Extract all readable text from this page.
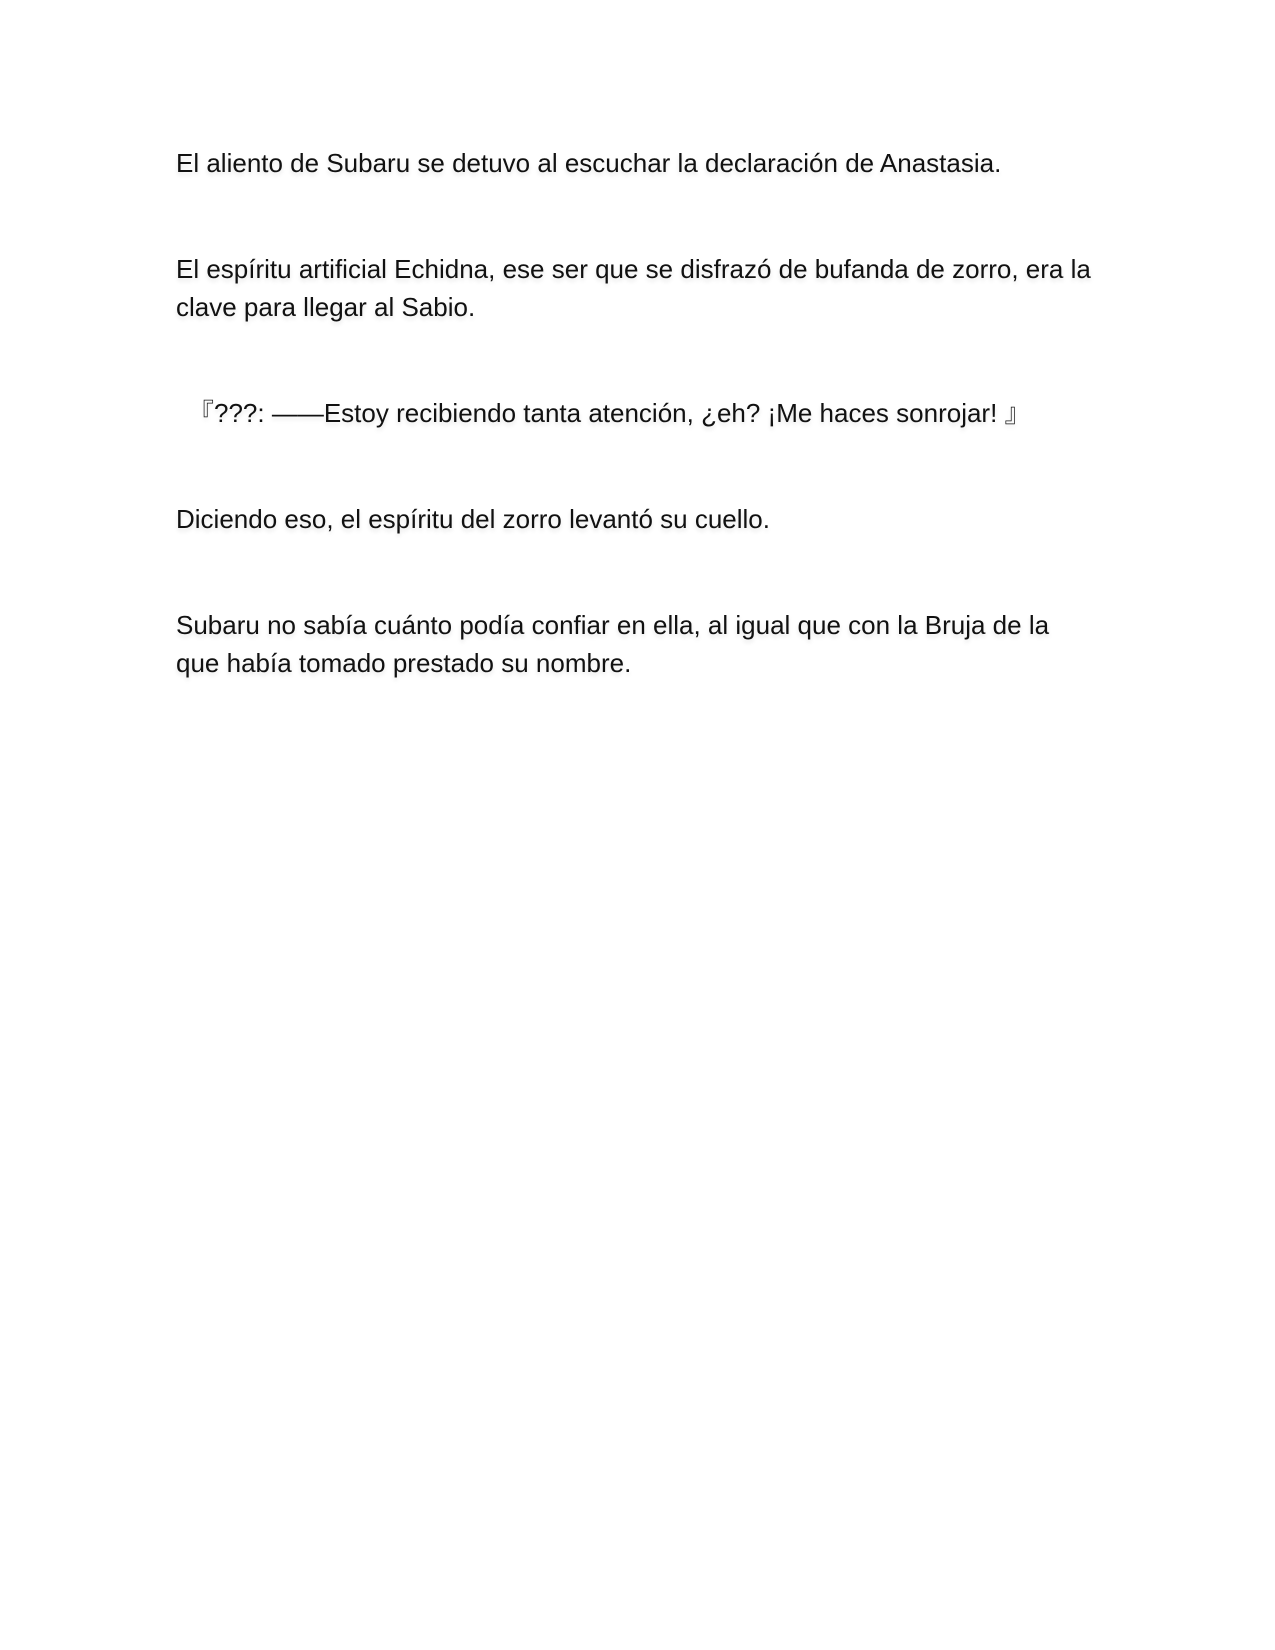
El aliento de Subaru se detuvo al escuchar la declaración de Anastasia.

El espíritu artificial Echidna, ese ser que se disfrazó de bufanda de zorro, era la clave para llegar al Sabio.

『???: ——Estoy recibiendo tanta atención, ¿eh? ¡Me haces sonrojar! 』

Diciendo eso, el espíritu del zorro levantó su cuello.

Subaru no sabía cuánto podía confiar en ella, al igual que con la Bruja de la que había tomado prestado su nombre.
